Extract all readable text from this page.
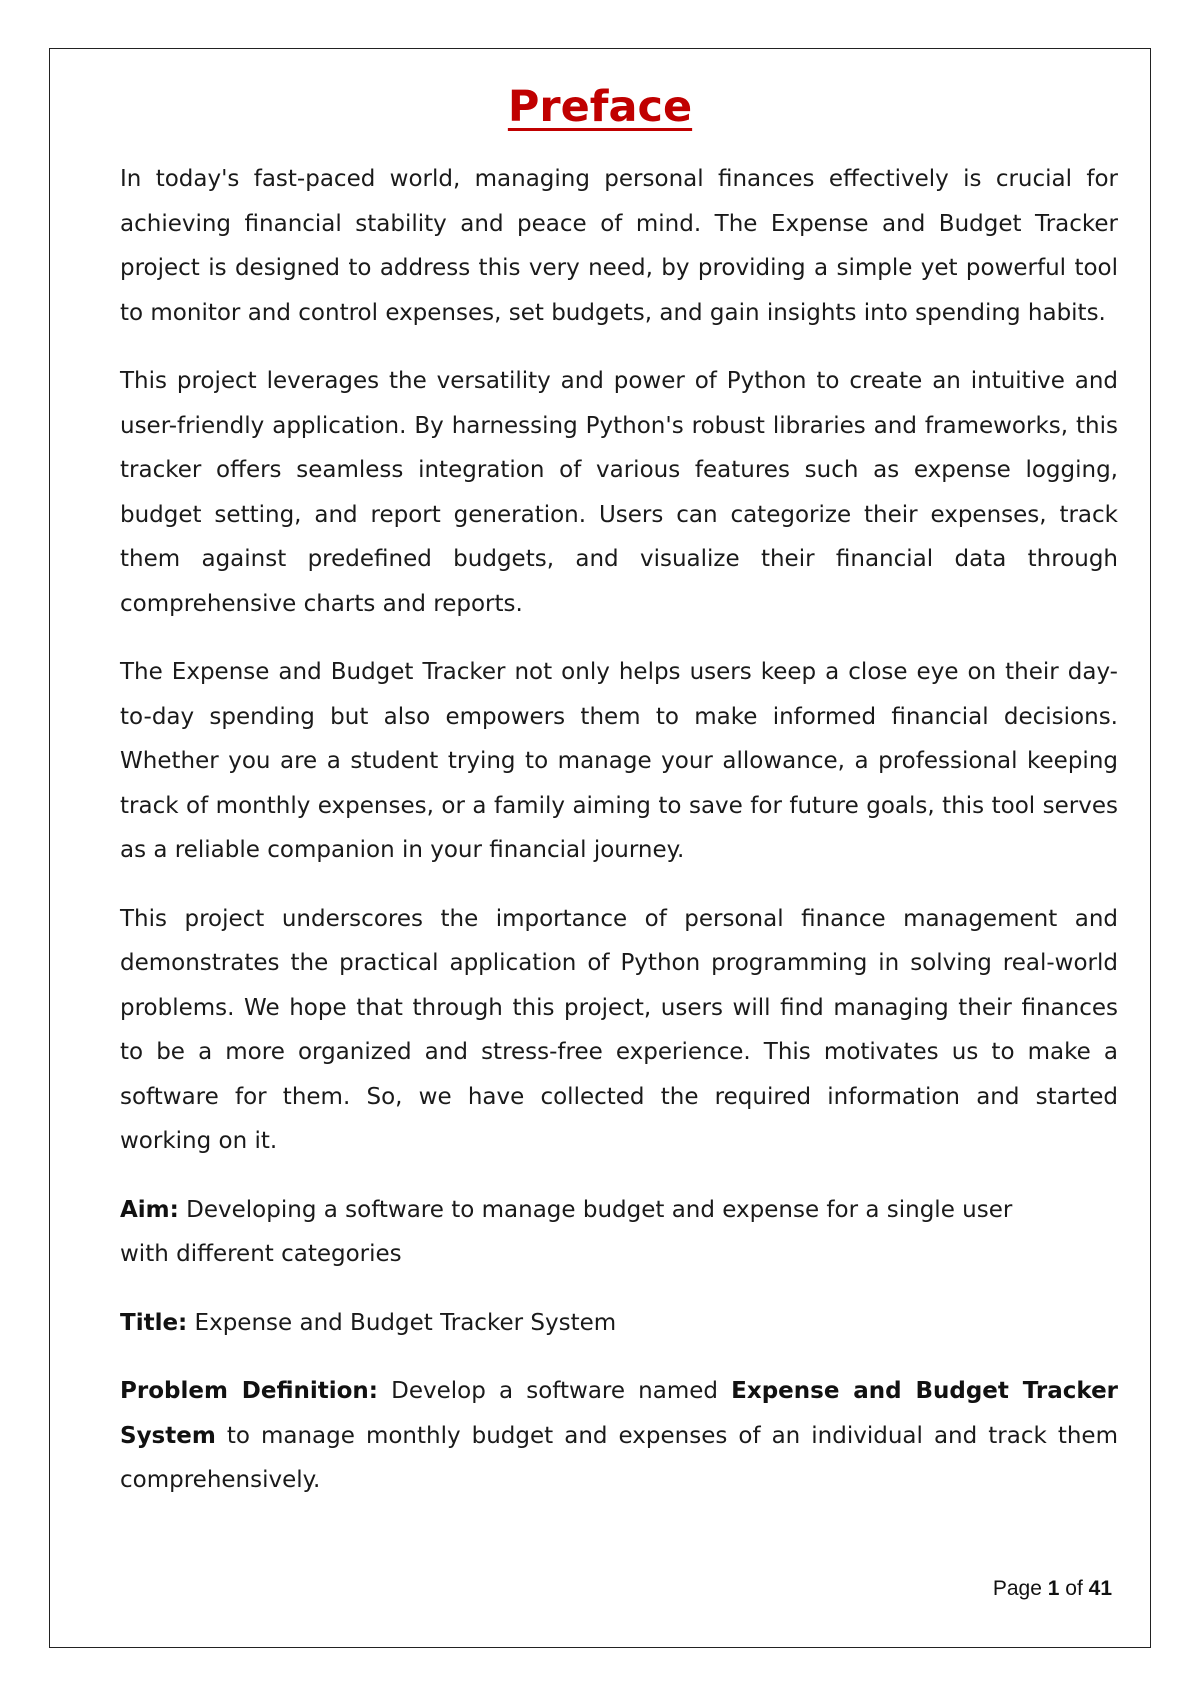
Preface

In today's fast-paced world, managing personal finances effectively is crucial for achieving financial stability and peace of mind. The Expense and Budget Tracker project is designed to address this very need, by providing a simple yet powerful tool to monitor and control expenses, set budgets, and gain insights into spending habits.

This project leverages the versatility and power of Python to create an intuitive and user-friendly application. By harnessing Python's robust libraries and frameworks, this tracker offers seamless integration of various features such as expense logging, budget setting, and report generation. Users can categorize their expenses, track them against predefined budgets, and visualize their financial data through comprehensive charts and reports.

The Expense and Budget Tracker not only helps users keep a close eye on their day-to-day spending but also empowers them to make informed financial decisions. Whether you are a student trying to manage your allowance, a professional keeping track of monthly expenses, or a family aiming to save for future goals, this tool serves as a reliable companion in your financial journey.

This project underscores the importance of personal finance management and demonstrates the practical application of Python programming in solving real-world problems. We hope that through this project, users will find managing their finances to be a more organized and stress-free experience. This motivates us to make a software for them. So, we have collected the required information and started working on it.

Aim: Developing a software to manage budget and expense for a single user with different categories

Title: Expense and Budget Tracker System

Problem Definition: Develop a software named Expense and Budget Tracker System to manage monthly budget and expenses of an individual and track them comprehensively.

Page 1 of 41
